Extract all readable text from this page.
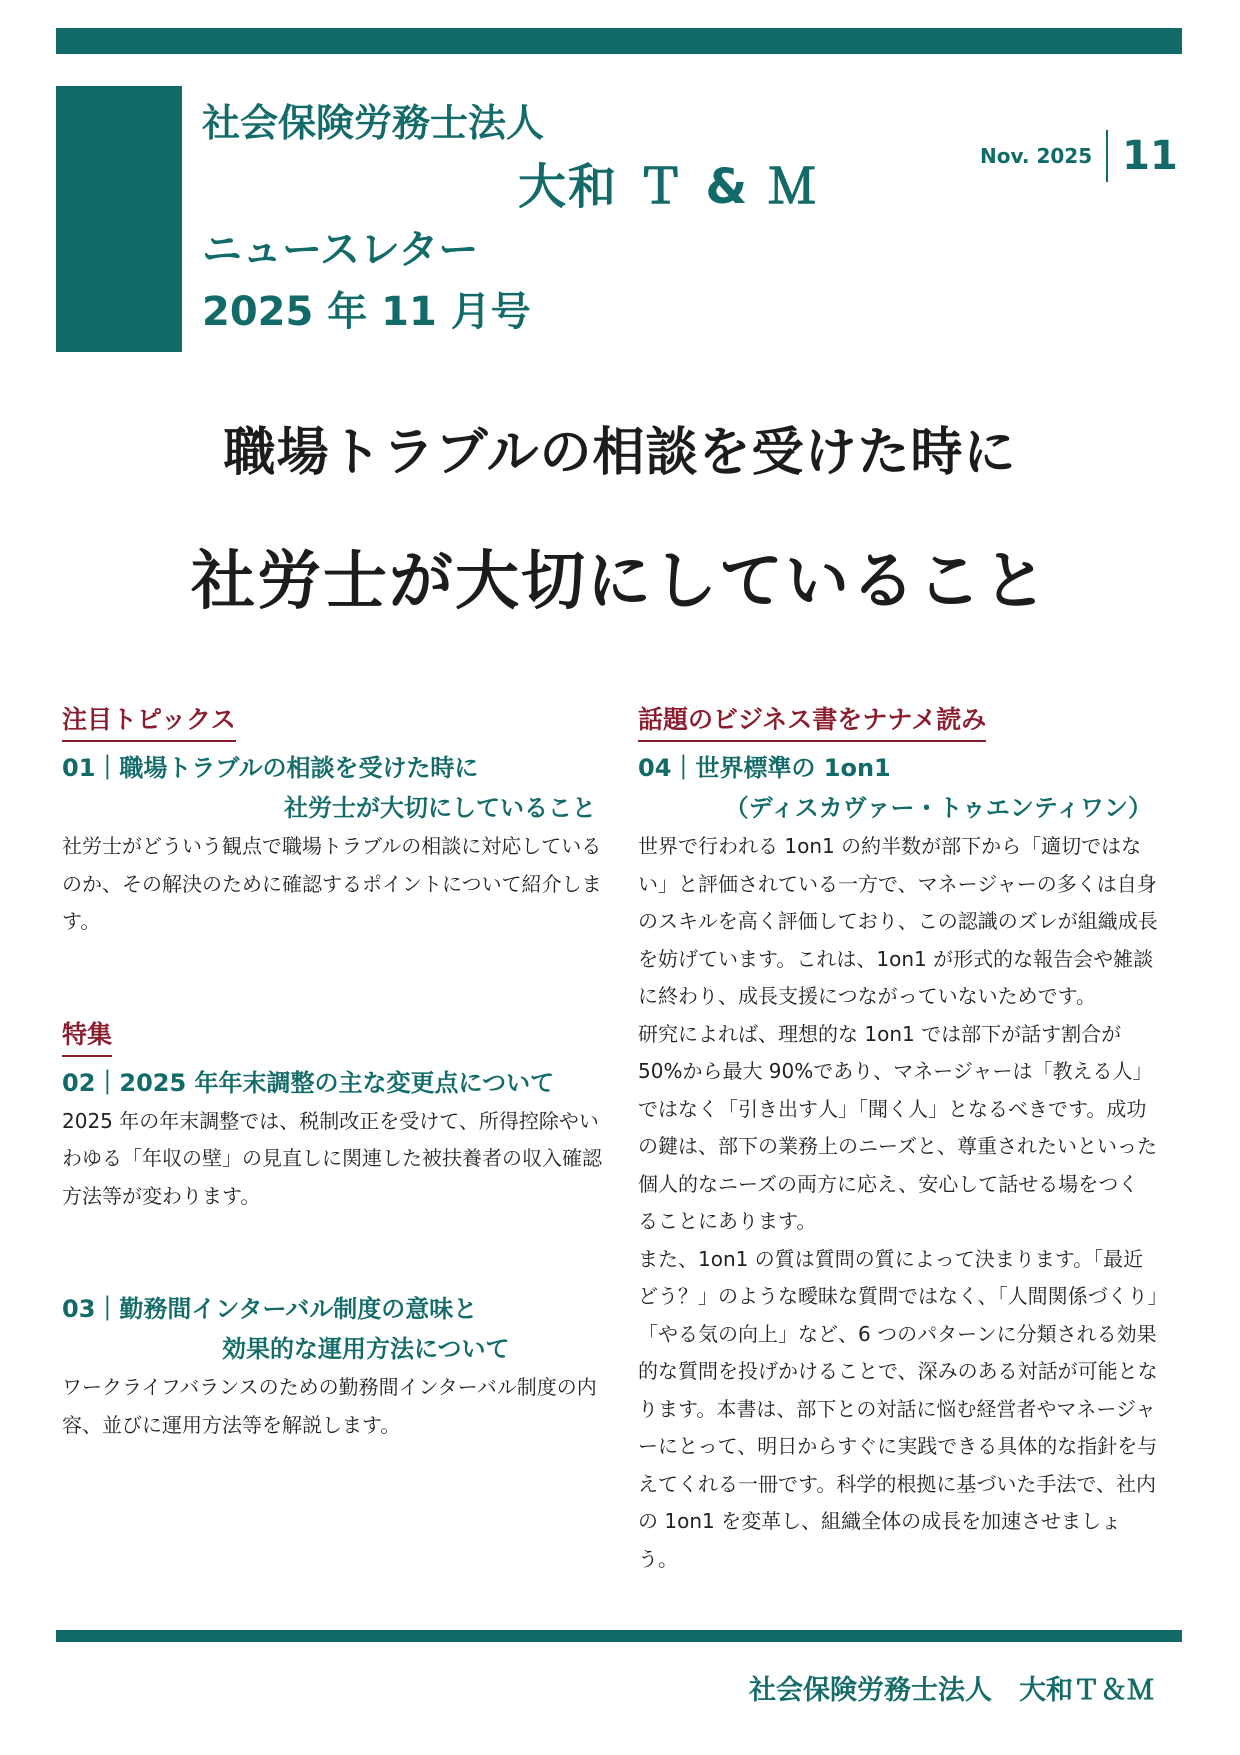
社会保険労務士法人
大和 Ｔ & Ｍ
ニュースレター
2025 年 11 月号
Nov. 2025 11
職場トラブルの相談を受けた時に
社労士が大切にしていること
注目トピックス
01｜職場トラブルの相談を受けた時に
社労士が大切にしていること

社労士がどういう観点で職場トラブルの相談に対応しているのか、その解決のために確認するポイントについて紹介します。

特集
02｜2025 年年末調整の主な変更点について

2025 年の年末調整では、税制改正を受けて、所得控除やいわゆる「年収の壁」の見直しに関連した被扶養者の収入確認方法等が変わります。

03｜勤務間インターバル制度の意味と
効果的な運用方法について

ワークライフバランスのための勤務間インターバル制度の内容、並びに運用方法等を解説します。

話題のビジネス書をナナメ読み
04｜世界標準の 1on1
（ディスカヴァー・トゥエンティワン）

世界で行われる 1on1 の約半数が部下から「適切ではない」と評価されている一方で、マネージャーの多くは自身のスキルを高く評価しており、この認識のズレが組織成長を妨げています。これは、1on1 が形式的な報告会や雑談に終わり、成長支援につながっていないためです。

研究によれば、理想的な 1on1 では部下が話す割合が 50%から最大 90%であり、マネージャーは「教える人」ではなく「引き出す人」「聞く人」となるべきです。成功の鍵は、部下の業務上のニーズと、尊重されたいといった個人的なニーズの両方に応え、安心して話せる場をつくることにあります。

また、1on1 の質は質問の質によって決まります。「最近どう？」のような曖昧な質問ではなく、「人間関係づくり」「やる気の向上」など、6 つのパターンに分類される効果的な質問を投げかけることで、深みのある対話が可能となります。本書は、部下との対話に悩む経営者やマネージャーにとって、明日からすぐに実践できる具体的な指針を与えてくれる一冊です。科学的根拠に基づいた手法で、社内の 1on1 を変革し、組織全体の成長を加速させましょう。

社会保険労務士法人　大和Ｔ＆Ｍ
